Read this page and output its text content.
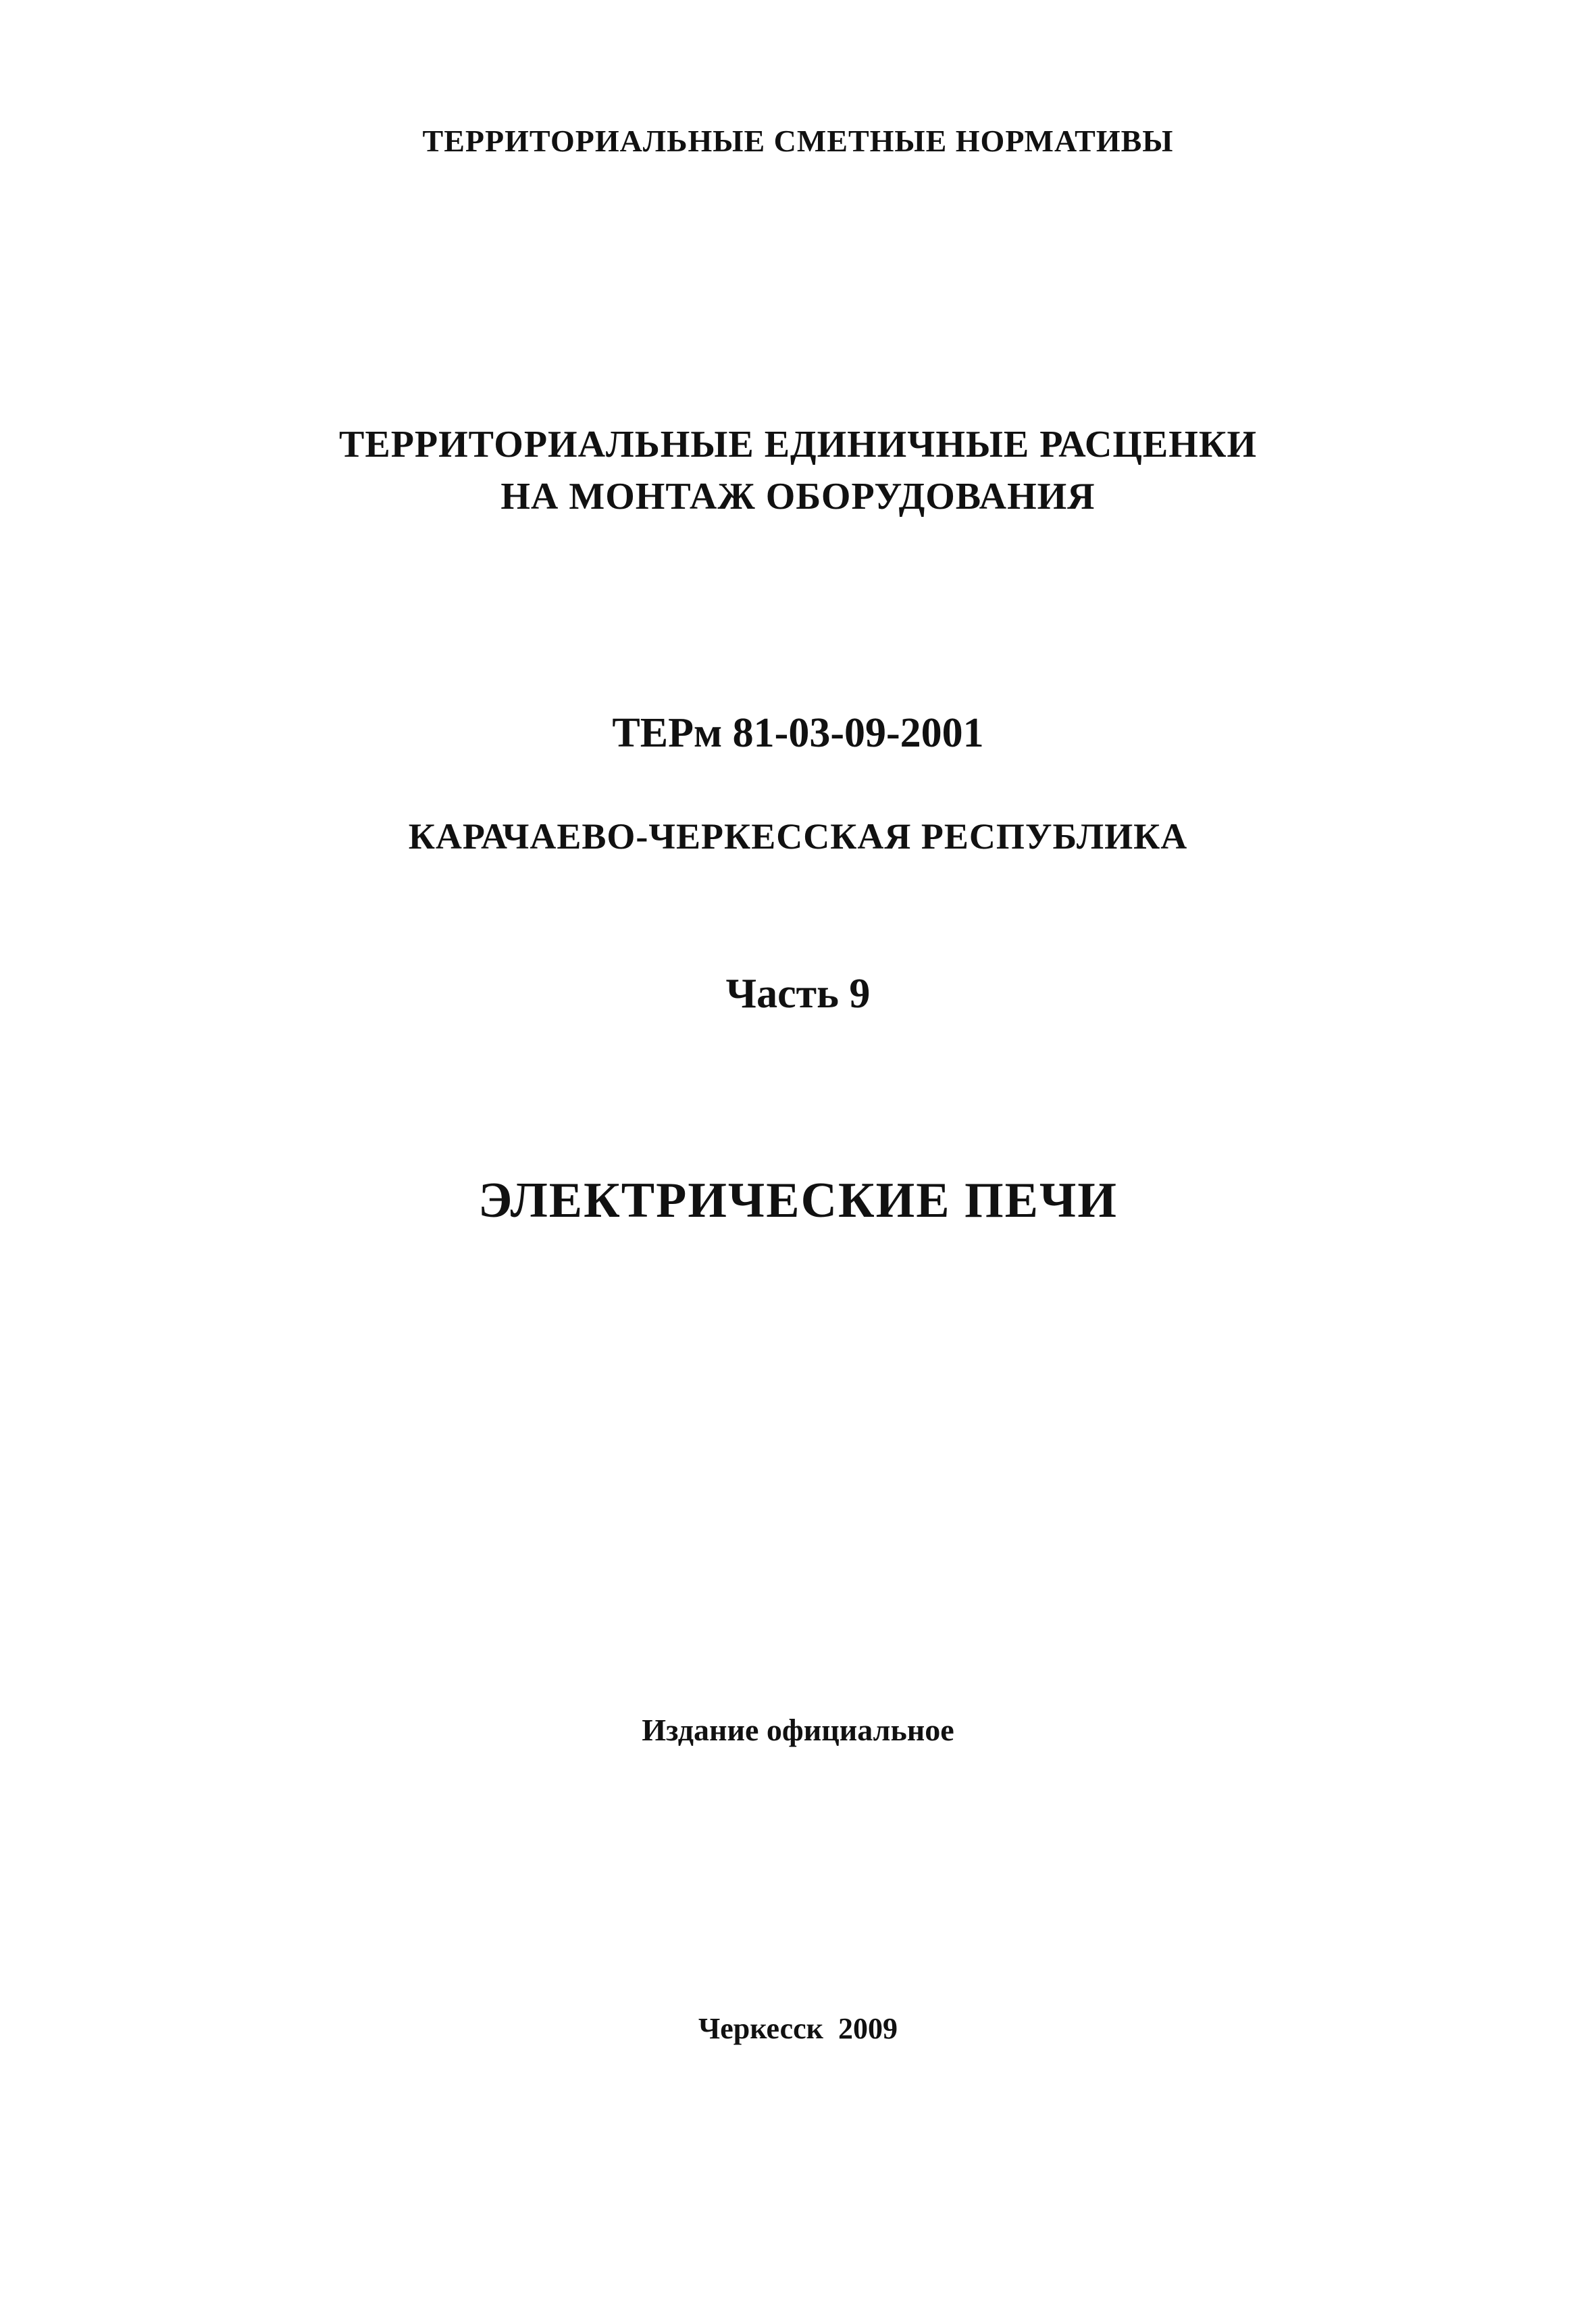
ТЕРРИТОРИАЛЬНЫЕ СМЕТНЫЕ НОРМАТИВЫ

ТЕРРИТОРИАЛЬНЫЕ ЕДИНИЧНЫЕ РАСЦЕНКИ

НА МОНТАЖ ОБОРУДОВАНИЯ

ТЕРм 81-03-09-2001

КАРАЧАЕВО-ЧЕРКЕССКАЯ РЕСПУБЛИКА

Часть 9

ЭЛЕКТРИЧЕСКИЕ ПЕЧИ

Издание официальное

Черкесск  2009
